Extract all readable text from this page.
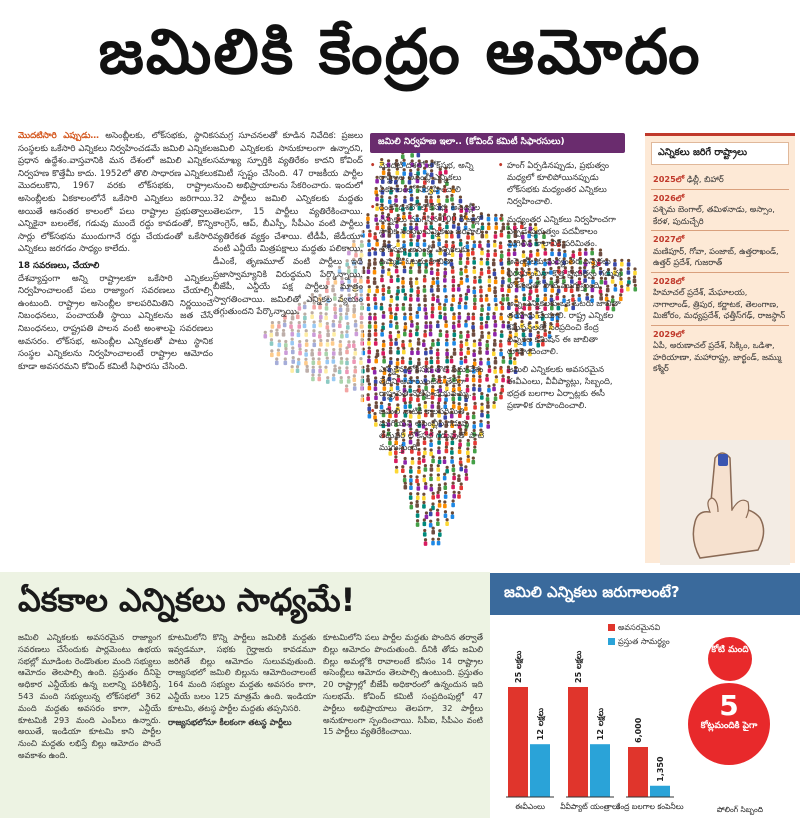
జమిలికి కేంద్రం ఆమోదం
మొదటిసారి ఎప్పుడు… అసెంబ్లీలకు, లోక్‌సభకు, స్థానిక సంస్థలకు ఒకేసారి ఎన్నికలు నిర్వహించడమే జమిలి ఎన్నికల ప్రధాన ఉద్దేశం.వాస్తవానికి మన దేశంలో జమిలి ఎన్నికల నిర్వహణ కొత్తేమీ కాదు. 1952లో తొలి సాధారణ ఎన్నికలు మొదలుకొని, 1967 వరకు లోక్‌సభకు, రాష్ట్రాల అసెంబ్లీలకు ఏకకాలంలోనే ఒకేసారి ఎన్నికలు జరిగాయి. అయితే ఆనంతర కాలంలో పలు రాష్ట్రాల ప్రభుత్వాలు ఎన్నికైనా బలంలేక, గడువు ముందే రద్దు కావడంతో, కొన్ని సార్లు లోక్‌సభను ముందుగానే రద్దు చేయడంతో ఒకేసారి ఎన్నికలు జరగడం సాధ్యం కాలేదు.
18 సవరణలు, చేయాలి
దేశవ్యాప్తంగా అన్ని రాష్ట్రాలకూ ఒకేసారి ఎన్నికలు నిర్వహించాలంటే పలు రాజ్యాంగ సవరణలు చేయాల్సి ఉంటుంది. రాష్ట్రాల అసెంబ్లీల కాలపరిమితిని నిర్ణయించే నిబంధనలు, పంచాయతీ స్థాయి ఎన్నికలను జత చేసే నిబంధనలు, రాష్ట్రపతి పాలన వంటి అంశాలపై సవరణలు అవసరం. లోక్‌సభ, అసెంబ్లీల ఎన్నికలతో పాటు స్థానిక సంస్థల ఎన్నికలను నిర్వహించాలంటే రాష్ట్రాల ఆమోదం కూడా అవసరమని కోవింద్ కమిటీ సిఫారసు చేసింది.
సమగ్ర సూచనలతో కూడిన నివేదిక: ప్రజలు జమిలి ఎన్నికలకు సానుకూలంగా ఉన్నారని, సమాఖ్య స్ఫూర్తికి వ్యతిరేకం కాదని కోవింద్ కమిటీ స్పష్టం చేసింది. 47 రాజకీయ పార్టీల నుంచి అభిప్రాయాలను సేకరించారు. ఇందులో 32 పార్టీలు జమిలి ఎన్నికలకు మద్దతు తెలపగా, 15 పార్టీలు వ్యతిరేకించాయి. కాంగ్రెస్, ఆప్, బీఎస్పీ, సీపీఎం వంటి పార్టీలు వ్యతిరేకత వ్యక్తం చేశాయి. టీడీపీ, జేడీయూ వంటి ఎన్డీయే మిత్రపక్షాలు మద్దతు పలికాయి. డీఎంకే, తృణమూల్ వంటి పార్టీలు ఇది ప్రజాస్వామ్యానికి విరుద్ధమని పేర్కొన్నాయి. బీజేపీ, ఎన్డీయే పక్ష పార్టీలు మాత్రం స్వాగతించాయి. జమిలితో ఎన్నికల వ్యయం తగ్గుతుందని పేర్కొన్నాయి.
జమిలి నిర్వహణ ఇలా.. (కోవింద్ కమిటీ సిఫారసులు)
• మొదటి దశలో లోక్‌సభ, అన్ని రాష్ట్రాల అసెంబ్లీ ఎన్నికలు ఏకకాలంలో నిర్వహించాలి
• రెండో దశలో లోక్‌సభ, అసెంబ్లీల ఎన్నికలు ముగిసిన 100 రోజుల్లో స్థానిక సంస్థల ఎన్నికలు జరపాలి.
• లోక్‌సభ, అసెంబ్లీ ఎన్నికలకు ఉమ్మడి ఓటరు జాబితా
• ఎన్నికైన లోక్‌సభ తొలి సమావేశం తేదీని అపాయింటెడ్ తేదీగా రాష్ట్రపతి నోటిఫై చేయవచ్చు.
• జమిలి నాటికి కాలపరిమితి ముగియని అసెంబ్లీల గడువు తదుపరి లోక్‌సభ గడువుతో పాటే ముగుస్తుంది.
• హంగ్ ఏర్పడినప్పుడు, ప్రభుత్వం మధ్యలో కూలిపోయినప్పుడు లోక్‌సభకు మధ్యంతర ఎన్నికలు నిర్వహించాలి.
• మధ్యంతర ఎన్నికలు నిర్వహించగా ఏర్పడే ప్రభుత్వం పదవీకాలం మిగిలిన కాలానికే పరిమితం.
• అసెంబ్లీలకు మధ్యంతర ఎన్నికలు నిర్వహించినా కొత్త ప్రభుత్వం గడువు లోక్‌సభతో పాటే ముగుస్తుంది.
• అన్ని ఎన్నికలకు ఒకే ఓటరు జాబితా తయారు చేయాలి. రాష్ట్ర ఎన్నికల కమిషన్‌లతో సంప్రదించి కేంద్ర ఎన్నికల కమిషన్ ఈ జాబితా రూపొందించాలి.
• జమిలి ఎన్నికలకు అవసరమైన ఈవీఎంలు, వీవీప్యాట్లు, సిబ్బంది, భద్రత బలగాల ఏర్పాట్లకు ఈసీ ప్రణాళిక రూపొందించాలి.
ఎన్నికలు జరిగే రాష్ట్రాలు
2025లో ఢిల్లీ, బిహార్
2026లో
పశ్చిమ బెంగాల్, తమిళనాడు, అస్సాం, కేరళ, పుదుచ్చేరి
2027లో
మణిపూర్, గోవా, పంజాబ్, ఉత్తరాఖండ్, ఉత్తర్ ప్రదేశ్, గుజరాత్
2028లో
హిమాచల్ ప్రదేశ్, మేఘాలయ, నాగాలాండ్, త్రిపుర, కర్ణాటక, తెలంగాణ, మిజోరం, మధ్యప్రదేశ్, ఛత్తీస్‌గఢ్, రాజస్థాన్
2029లో
ఏపీ, అరుణాచల్ ప్రదేశ్, సిక్కిం, ఒడిశా, హరియాణా, మహారాష్ట్ర, జార్ఖండ్, జమ్ము కశ్మీర్
ఏకకాల ఎన్నికలు సాధ్యమే!
జమిలి ఎన్నికలకు అవసరమైన రాజ్యాంగ సవరణలు చేసేందుకు పార్లమెంటు ఉభయ సభల్లో మూడింట రెండొంతుల మంది సభ్యులు ఆమోదం తెలపాల్సి ఉంది. ప్రస్తుతం దీనిపై అధికార ఎన్డీయేకు ఉన్న బలాన్ని పరిశీలిస్తే, 543 మంది సభ్యులున్న లోక్‌సభలో 362 మంది మద్దతు అవసరం కాగా, ఎన్డీయే కూటమికి 293 మంది ఎంపీలు ఉన్నారు. అయితే, ఇండియా కూటమి కాని పార్టీల నుంచి మద్దతు లభిస్తే బిల్లు ఆమోదం పొందే అవకాశం ఉంది.
కూటమిలోని కొన్ని పార్టీలు జమిలికి మద్దతు ఇవ్వడమూ, సభకు గైర్హాజరు కావడమూ జరిగితే బిల్లు ఆమోదం సులువవుతుంది. రాజ్యసభలో జమిలి బిల్లును ఆమోదించాలంటే 164 మంది సభ్యుల మద్దతు అవసరం కాగా, ఎన్డీయే బలం 125 మాత్రమే ఉంది. ఇండియా కూటమి, తటస్థ పార్టీల మద్దతు తప్పనిసరి.
రాజ్యసభలోనూ కీలకంగా తటస్థ పార్టీలు
కూటమిలోని పలు పార్టీల మద్దతు పొందిన తర్వాతే బిల్లు ఆమోదం పొందుతుంది. దీనికి తోడు జమిలి బిల్లు అమల్లోకి రావాలంటే కనీసం 14 రాష్ట్రాల అసెంబ్లీలు ఆమోదం తెలపాల్సి ఉంటుంది. ప్రస్తుతం 20 రాష్ట్రాల్లో బీజేపీ అధికారంలో ఉన్నందున ఇది సులభమే. కోవింద్ కమిటీ సంప్రదింపుల్లో 47 పార్టీలు అభిప్రాయాలు తెలపగా, 32 పార్టీలు అనుకూలంగా స్పందించాయి. సీపీఐ, సీపీఎం వంటి 15 పార్టీలు వ్యతిరేకించాయి.
జమిలి ఎన్నికలు జరుగాలంటే?
అవసరమైనవి
ప్రస్తుత సామర్థ్యం
25 లక్షలు
12 లక్షలు
ఈవీఎంలు
25 లక్షలు
12 లక్షలు
వీవీప్యాట్ యంత్రాలు
6,000
1,350
కేంద్ర బలగాల కంపెనీలు
కోటి మంది
5
కోట్లమందికి పైగా
పోలింగ్ సిబ్బంది
